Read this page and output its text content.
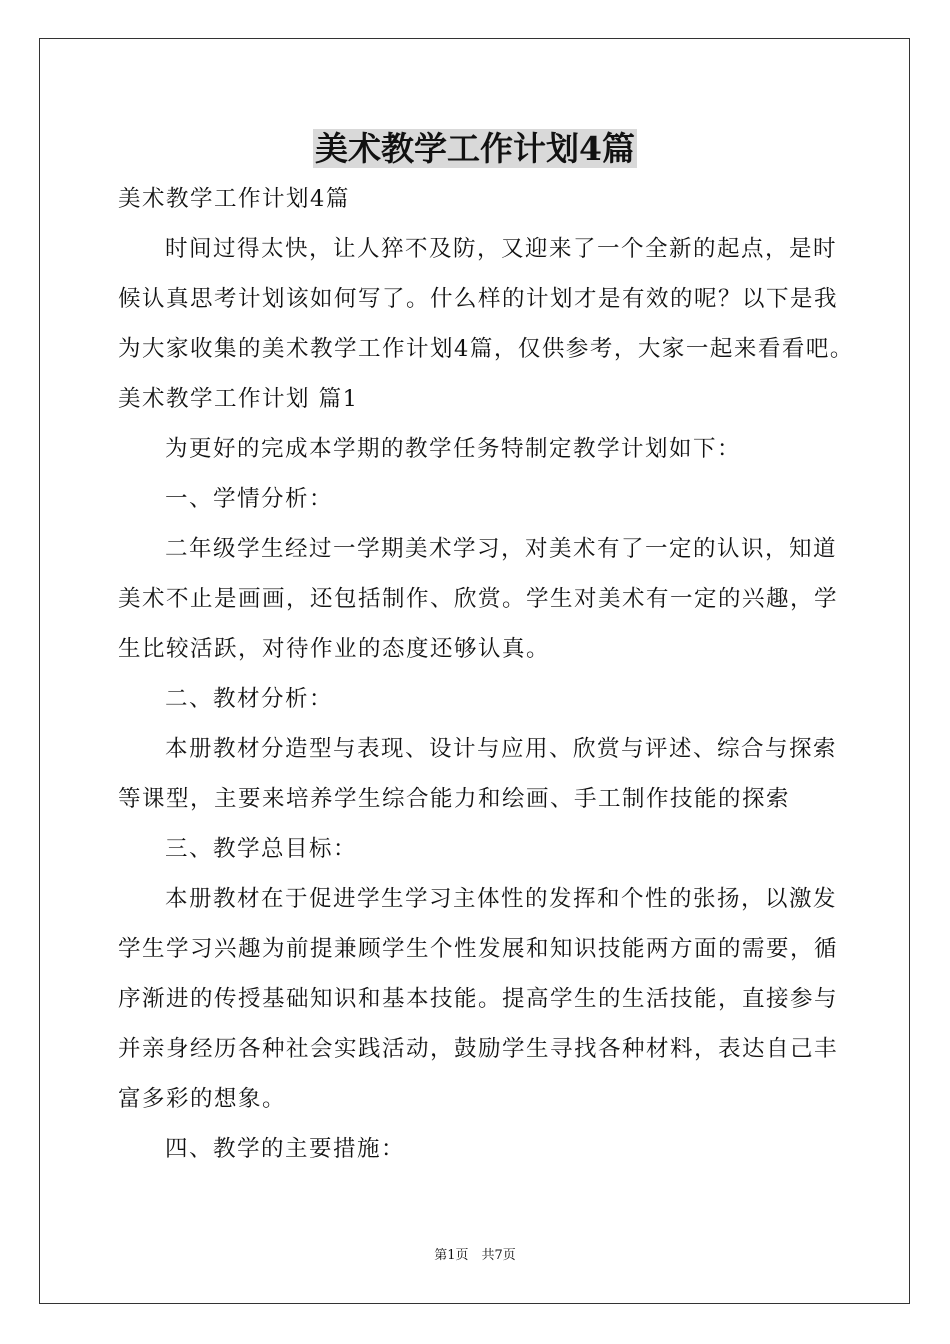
美术教学工作计划4篇
美术教学工作计划4篇
时间过得太快，让人猝不及防，又迎来了一个全新的起点，是时
候认真思考计划该如何写了。什么样的计划才是有效的呢？以下是我
为大家收集的美术教学工作计划4篇，仅供参考，大家一起来看看吧。
美术教学工作计划 篇1
为更好的完成本学期的教学任务特制定教学计划如下：
一、学情分析：
二年级学生经过一学期美术学习，对美术有了一定的认识，知道
美术不止是画画，还包括制作、欣赏。学生对美术有一定的兴趣，学
生比较活跃，对待作业的态度还够认真。
二、教材分析：
本册教材分造型与表现、设计与应用、欣赏与评述、综合与探索
等课型，主要来培养学生综合能力和绘画、手工制作技能的探索
三、教学总目标：
本册教材在于促进学生学习主体性的发挥和个性的张扬，以激发
学生学习兴趣为前提兼顾学生个性发展和知识技能两方面的需要，循
序渐进的传授基础知识和基本技能。提高学生的生活技能，直接参与
并亲身经历各种社会实践活动，鼓励学生寻找各种材料，表达自己丰
富多彩的想象。
四、教学的主要措施：
第1页　共7页
